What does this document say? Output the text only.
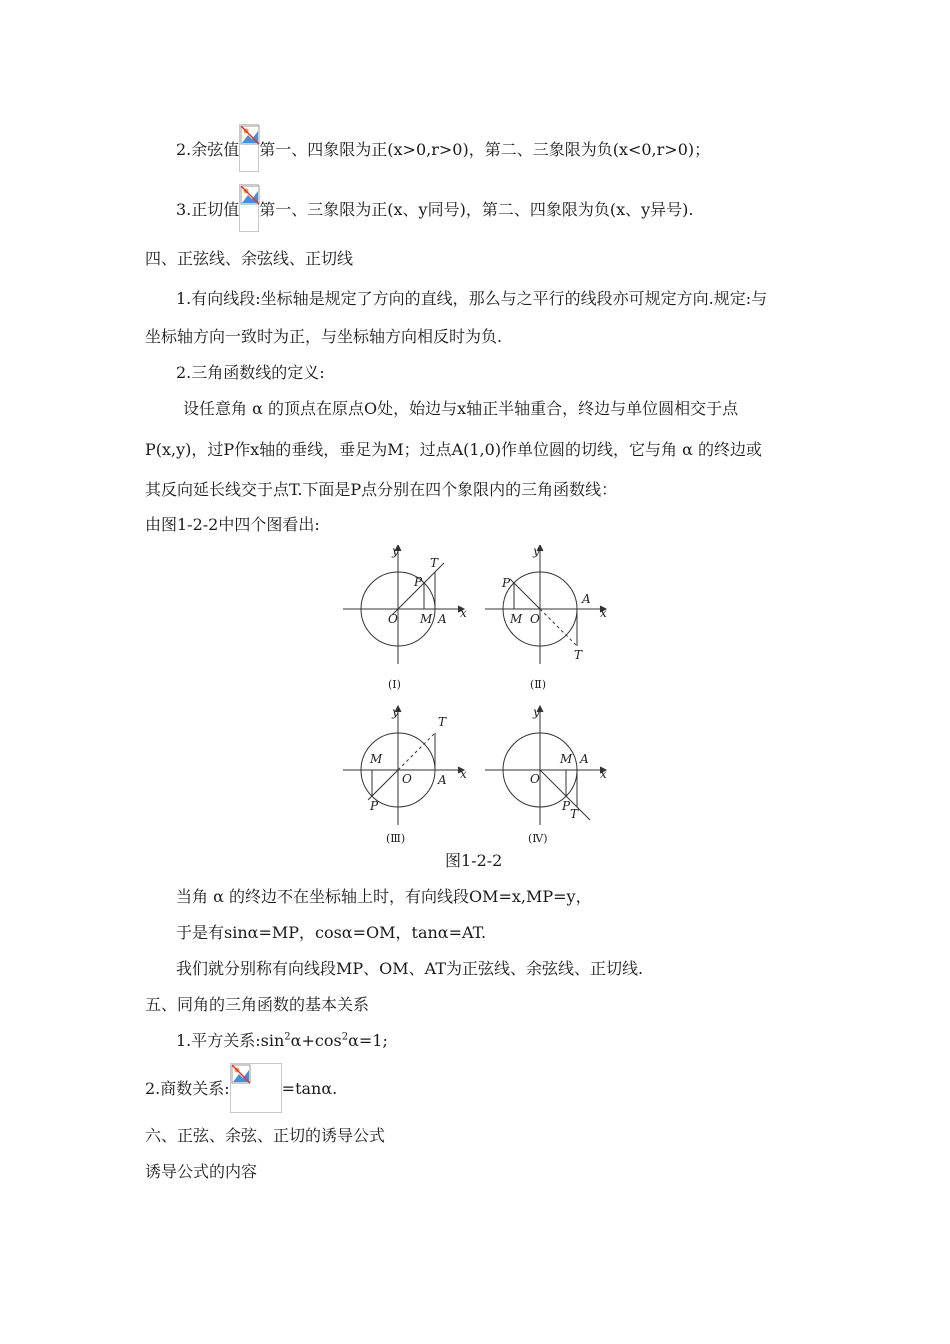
2.余弦值 第一、四象限为正(x>0,r>0)，第二、三象限为负(x<0,r>0)；
3.正切值 第一、三象限为正(x、y同号)，第二、四象限为负(x、y异号).
四、正弦线、余弦线、正切线
1.有向线段:坐标轴是规定了方向的直线，那么与之平行的线段亦可规定方向.规定:与
坐标轴方向一致时为正，与坐标轴方向相反时为负.
2.三角函数线的定义:
设任意角 α 的顶点在原点O处，始边与x轴正半轴重合，终边与单位圆相交于点
P(x,y)，过P作x轴的垂线，垂足为M；过点A(1,0)作单位圆的切线，它与角 α 的终边或
其反向延长线交于点T.下面是P点分别在四个象限内的三角函数线：
由图1-2-2中四个图看出:
y
x
O M A
P
T
y
x
O
M
A
P
T
y
x
O
M
A
P
T
y
x
O
M A
P
T
(Ⅰ)	(Ⅱ)
(Ⅲ)	(Ⅳ)
图1-2-2
当角 α 的终边不在坐标轴上时，有向线段OM=x,MP=y，
于是有sinα=MP，cosα=OM，tanα=AT.
我们就分别称有向线段MP、OM、AT为正弦线、余弦线、正切线.
五、同角的三角函数的基本关系
1.平方关系$:\sin^2\alpha+\cos^2\alpha=1$;
2.商数关系:	=tanα.
六、正弦、余弦、正切的诱导公式
诱导公式的内容
